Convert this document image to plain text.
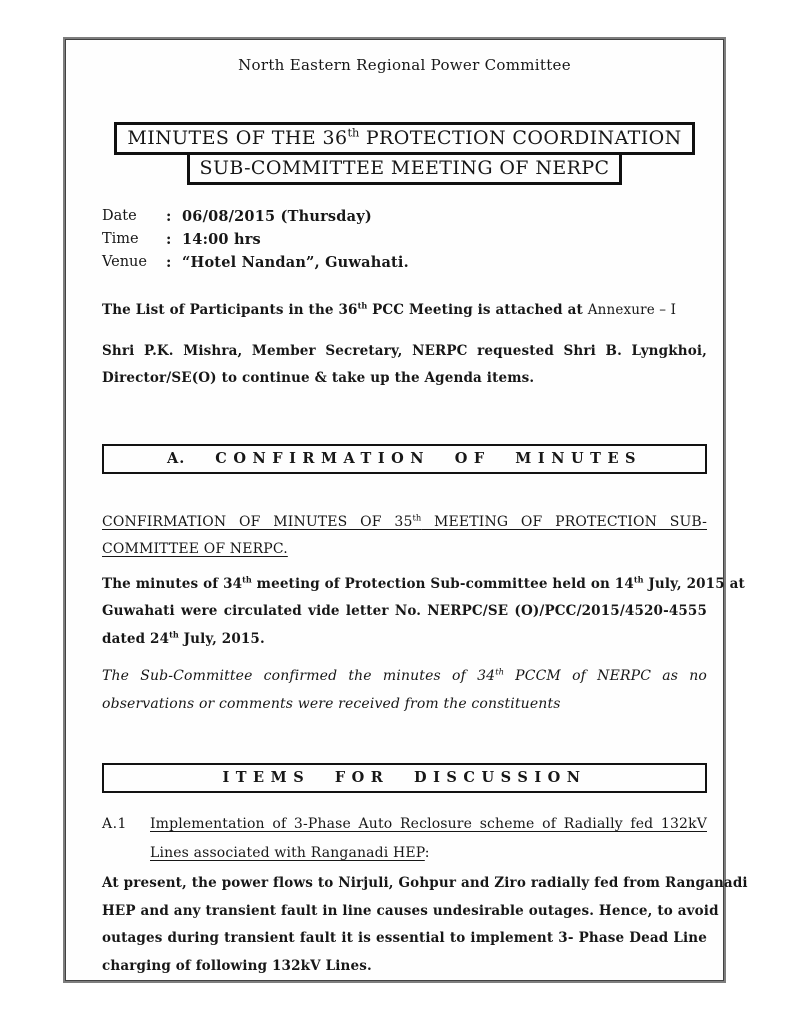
North Eastern Regional Power Committee
MINUTES OF THE 36th PROTECTION COORDINATION
SUB-COMMITTEE MEETING OF NERPC
Date	: 06/08/2015 (Thursday)
Time	: 14:00 hrs
Venue	: “Hotel Nandan”, Guwahati.
The List of Participants in the 36th PCC Meeting is attached at Annexure – I
Shri P.K. Mishra, Member Secretary, NERPC requested Shri B. Lyngkhoi,
Director/SE(O) to continue & take up the Agenda items.
A. CONFIRMATION OF MINUTES
CONFIRMATION OF MINUTES OF 35th MEETING OF PROTECTION SUB-
COMMITTEE OF NERPC.
The minutes of 34th meeting of Protection Sub-committee held on 14th July, 2015 at
Guwahati were circulated vide letter No. NERPC/SE (O)/PCC/2015/4520-4555
dated 24th July, 2015.
The Sub-Committee confirmed the minutes of 34th PCCM of NERPC as no
observations or comments were received from the constituents
ITEMS FOR DISCUSSION
A.1 Implementation of 3-Phase Auto Reclosure scheme of Radially fed 132kV
Lines associated with Ranganadi HEP:
At present, the power flows to Nirjuli, Gohpur and Ziro radially fed from Ranganadi
HEP and any transient fault in line causes undesirable outages. Hence, to avoid
outages during transient fault it is essential to implement 3- Phase Dead Line
charging of following 132kV Lines.
